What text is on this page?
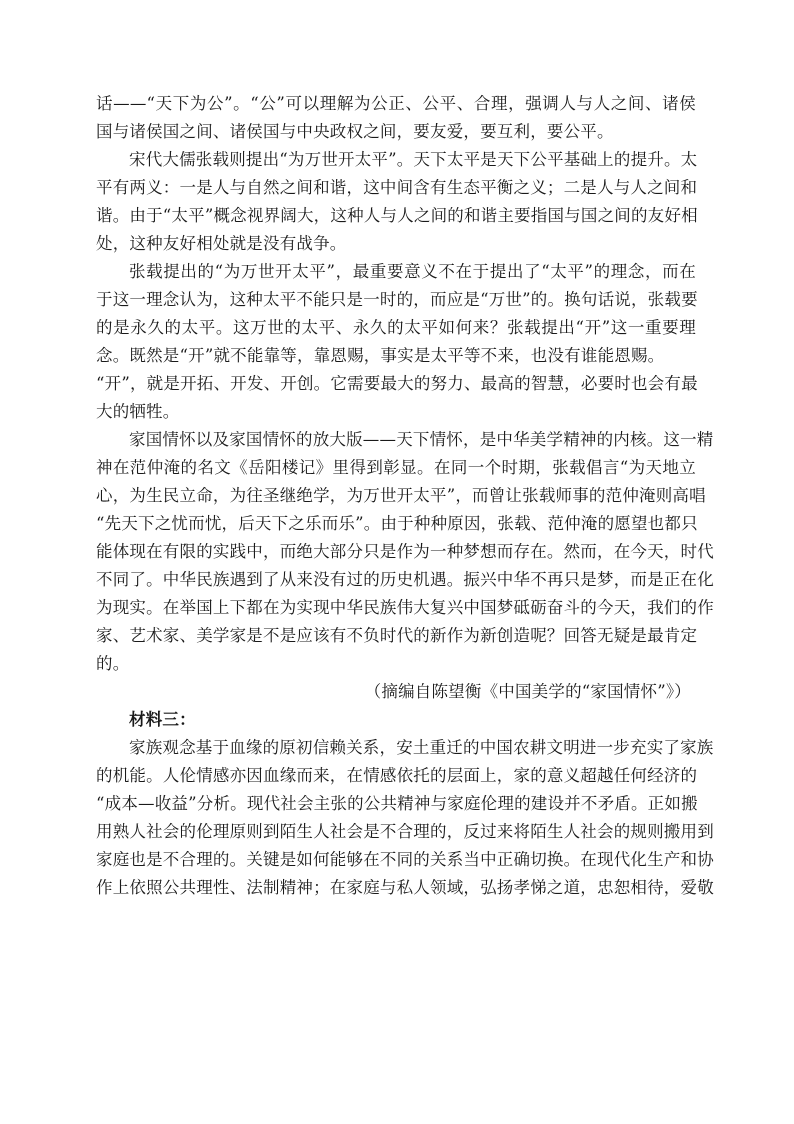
话——“天下为公”。“公”可以理解为公正、公平、合理，强调人与人之间、诸侯
国与诸侯国之间、诸侯国与中央政权之间，要友爱，要互利，要公平。
宋代大儒张载则提出“为万世开太平”。天下太平是天下公平基础上的提升。太
平有两义：一是人与自然之间和谐，这中间含有生态平衡之义；二是人与人之间和
谐。由于“太平”概念视界阔大，这种人与人之间的和谐主要指国与国之间的友好相
处，这种友好相处就是没有战争。
张载提出的“为万世开太平”，最重要意义不在于提出了“太平”的理念，而在
于这一理念认为，这种太平不能只是一时的，而应是“万世”的。换句话说，张载要
的是永久的太平。这万世的太平、永久的太平如何来？张载提出“开”这一重要理
念。既然是“开”就不能靠等，靠恩赐，事实是太平等不来，也没有谁能恩赐。
“开”，就是开拓、开发、开创。它需要最大的努力、最高的智慧，必要时也会有最
大的牺牲。
家国情怀以及家国情怀的放大版——天下情怀，是中华美学精神的内核。这一精
神在范仲淹的名文《岳阳楼记》里得到彰显。在同一个时期，张载倡言“为天地立
心，为生民立命，为往圣继绝学，为万世开太平”，而曾让张载师事的范仲淹则高唱
“先天下之忧而忧，后天下之乐而乐”。由于种种原因，张载、范仲淹的愿望也都只
能体现在有限的实践中，而绝大部分只是作为一种梦想而存在。然而，在今天，时代
不同了。中华民族遇到了从来没有过的历史机遇。振兴中华不再只是梦，而是正在化
为现实。在举国上下都在为实现中华民族伟大复兴中国梦砥砺奋斗的今天，我们的作
家、艺术家、美学家是不是应该有不负时代的新作为新创造呢？回答无疑是最肯定
的。
（摘编自陈望衡《中国美学的“家国情怀”》）
材料三：
家族观念基于血缘的原初信赖关系，安土重迁的中国农耕文明进一步充实了家族
的机能。人伦情感亦因血缘而来，在情感依托的层面上，家的意义超越任何经济的
“成本—收益”分析。现代社会主张的公共精神与家庭伦理的建设并不矛盾。正如搬
用熟人社会的伦理原则到陌生人社会是不合理的，反过来将陌生人社会的规则搬用到
家庭也是不合理的。关键是如何能够在不同的关系当中正确切换。在现代化生产和协
作上依照公共理性、法制精神；在家庭与私人领域，弘扬孝悌之道，忠恕相待，爱敬
